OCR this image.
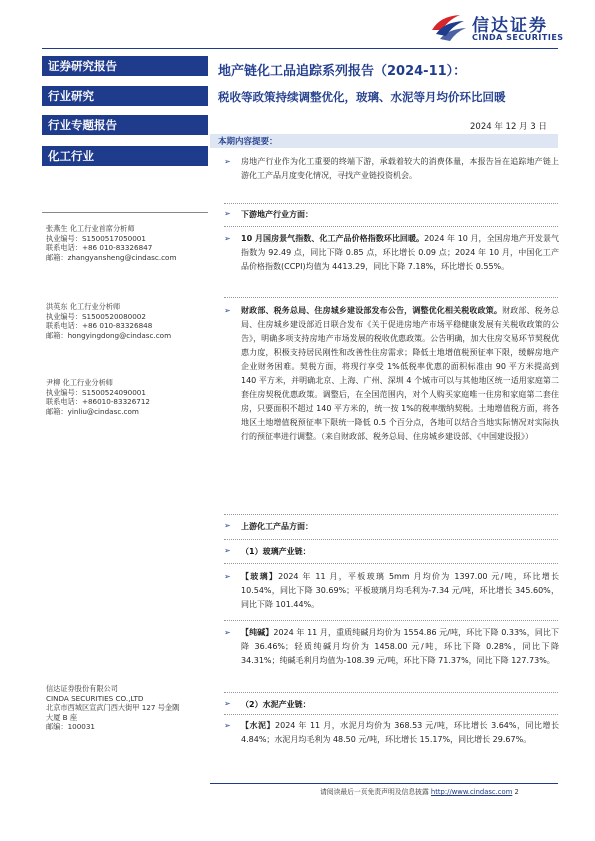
信达证券
CINDA SECURITIES
证券研究报告
行业研究
行业专题报告
化工行业
张燕生 化工行业首席分析师
执业编号：S1500517050001
联系电话：+86 010-83326847
邮箱：zhangyansheng@cindasc.com
洪英东 化工行业分析师
执业编号：S1500520080002
联系电话：+86 010-83326848
邮箱：hongyingdong@cindasc.com
尹柳 化工行业分析师
执业编号：S1500524090001
联系电话：+86010-83326712
邮箱：yinliu@cindasc.com
信达证券股份有限公司
CINDA SECURITIES CO.,LTD
北京市西城区宣武门西大街甲 127 号金隅
大厦 B 座
邮编：100031
地产链化工品追踪系列报告（2024-11）：
税收等政策持续调整优化，玻璃、水泥等月均价环比回暖
2024 年 12 月 3 日
本期内容提要：
➢	房地产行业作为化工重要的终端下游，承载着较大的消费体量，本报告旨在追踪地产链上游化工产品月度变化情况，寻找产业链投资机会。
➢	下游地产行业方面：
➢	10 月国房景气指数、化工产品价格指数环比回暖。2024 年 10 月，全国房地产开发景气指数为 92.49 点，同比下降 0.85 点，环比增长 0.09 点；2024 年 10 月，中国化工产品价格指数(CCPI)均值为 4413.29，同比下降 7.18%，环比增长 0.55%。
➢	财政部、税务总局、住房城乡建设部发布公告，调整优化相关税收政策。财政部、税务总局、住房城乡建设部近日联合发布《关于促进房地产市场平稳健康发展有关税收政策的公告》，明确多项支持房地产市场发展的税收优惠政策。公告明确，加大住房交易环节契税优惠力度，积极支持居民刚性和改善性住房需求；降低土地增值税预征率下限，缓解房地产企业财务困难。契税方面，将现行享受 1%低税率优惠的面积标准由 90 平方米提高到 140 平方米，并明确北京、上海、广州、深圳 4 个城市可以与其他地区统一适用家庭第二套住房契税优惠政策。调整后，在全国范围内，对个人购买家庭唯一住房和家庭第二套住房，只要面积不超过 140 平方米的，统一按 1%的税率缴纳契税。土地增值税方面，将各地区土地增值税预征率下限统一降低 0.5 个百分点，各地可以结合当地实际情况对实际执行的预征率进行调整。（来自财政部、税务总局、住房城乡建设部、《中国建设报》）
➢	上游化工产品方面：
➢	（1）玻璃产业链：
➢	【玻璃】2024 年 11 月，平板玻璃 5mm 月均价为 1397.00 元/吨，环比增长 10.54%，同比下降 30.69%；平板玻璃月均毛利为-7.34 元/吨，环比增长 345.60%，同比下降 101.44%。
➢	【纯碱】2024 年 11 月，重质纯碱月均价为 1554.86 元/吨，环比下降 0.33%，同比下降 36.46%；轻质纯碱月均价为 1458.00 元/吨，环比下降 0.28%，同比下降 34.31%；纯碱毛利月均值为-108.39 元/吨，环比下降 71.37%，同比下降 127.73%。
➢	（2）水泥产业链：
➢	【水泥】2024 年 11 月，水泥月均价为 368.53 元/吨，环比增长 3.64%，同比增长 4.84%；水泥月均毛利为 48.50 元/吨，环比增长 15.17%，同比增长 29.67%。
请阅读最后一页免责声明及信息披露 http://www.cindasc.com 2
